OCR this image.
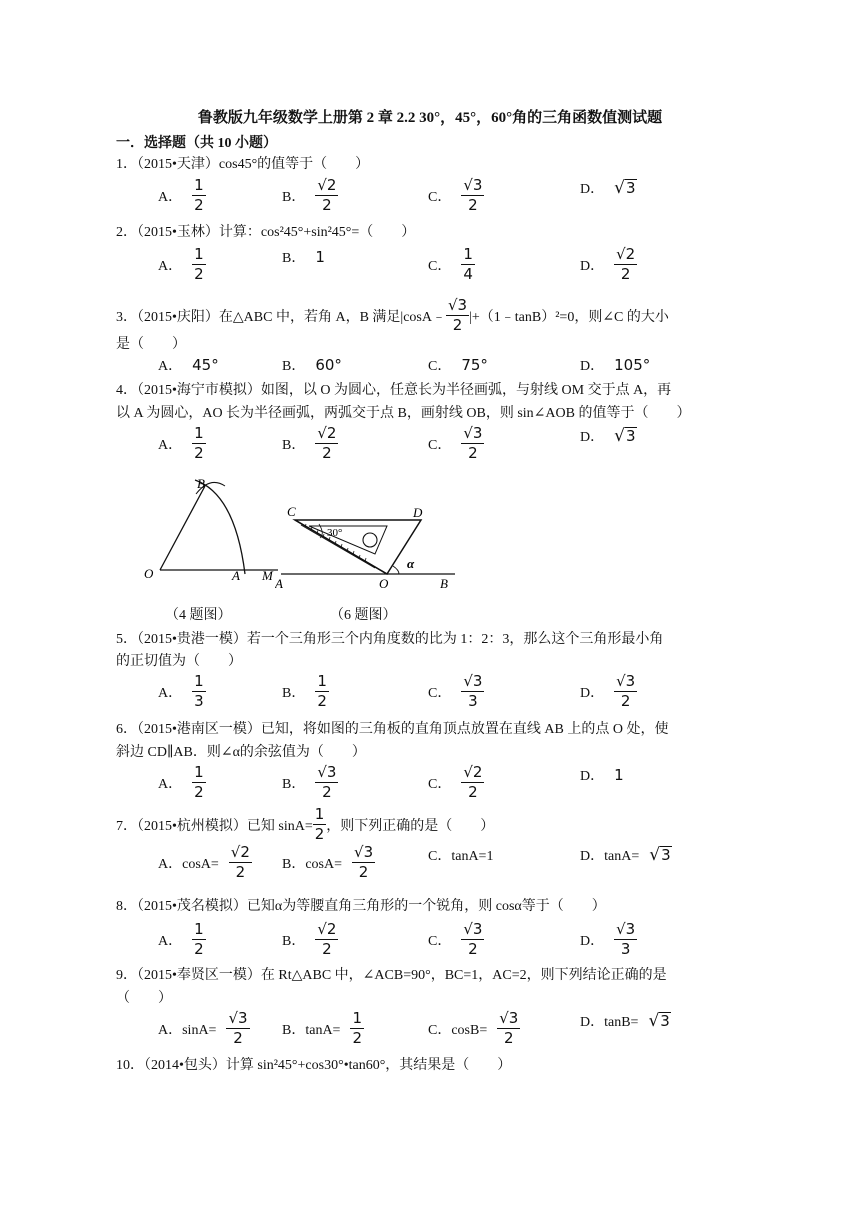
鲁教版九年级数学上册第 2 章 2.2 30°，45°，60°角的三角函数值测试题
一．选择题（共 10 小题）
1．（2015•天津）cos45°的值等于（　　）
A． $\frac{1}{2}$	B． $\frac{√2}{2}$	C． $\frac{√3}{2}$	D． √ 3
2．（2015•玉林）计算：cos²45°+sin²45°=（　　）
A． $\frac{1}{2}$	B． 1	C． $\frac{1}{4}$	D． $\frac{√2}{2}$
3．（2015•庆阳）在△ABC 中，若角 A，B 满足|cosA﹣ $\frac{√3}{2}$ |+（1﹣tanB）²=0，则∠C 的大小
是（　　）
A． 45°	B． 60°	C． 75°	D． 105°
4．（2015•海宁市模拟）如图，以 O 为圆心，任意长为半径画弧，与射线 OM 交于点 A，再
以 A 为圆心，AO 长为半径画弧，两弧交于点 B，画射线 OB，则 sin∠AOB 的值等于（　　）
A． $\frac{1}{2}$	B． $\frac{√2}{2}$	C． $\frac{√3}{2}$	D． √ 3
B
O	A M
（4 题图）
C	D
30°
α
A	O	B
（6 题图）
5．（2015•贵港一模）若一个三角形三个内角度数的比为 1：2：3，那么这个三角形最小角
的正切值为（　　）
A． $\frac{1}{3}$	B． $\frac{1}{2}$	C． $\frac{√3}{3}$	D． $\frac{√3}{2}$
6．（2015•港南区一模）已知，将如图的三角板的直角顶点放置在直线 AB 上的点 O 处，使
斜边 CD∥AB．则∠α的余弦值为（　　）
A． $\frac{1}{2}$	B． $\frac{√3}{2}$	C． $\frac{√2}{2}$	D． 1
7．（2015•杭州模拟）已知 $\sin A= \frac{1}{2}$ ，则下列正确的是（　　）
A．$\cos A= \frac{√2}{2}$ B．$\cos A= \frac{√3}{2}$	C．tanA=1	D．tanA= √ 3
8．（2015•茂名模拟）已知α为等腰直角三角形的一个锐角，则 cosα等于（　　）
A． $\frac{1}{2}$	B． $\frac{√2}{2}$	C． $\frac{√3}{2}$	D． $\frac{√3}{3}$
9．（2015•奉贤区一模）在 Rt△ABC 中，∠ACB=90°，BC=1，AC=2，则下列结论正确的是
（　　）
A．$\sin A= \frac{√3}{2}$ B．$\tan A= \frac{1}{2}$	C．$\cos B= \frac{√3}{2}$	D．tanB= √ 3
10．（2014•包头）计算 sin²45°+cos30°•tan60°，其结果是（　　）
